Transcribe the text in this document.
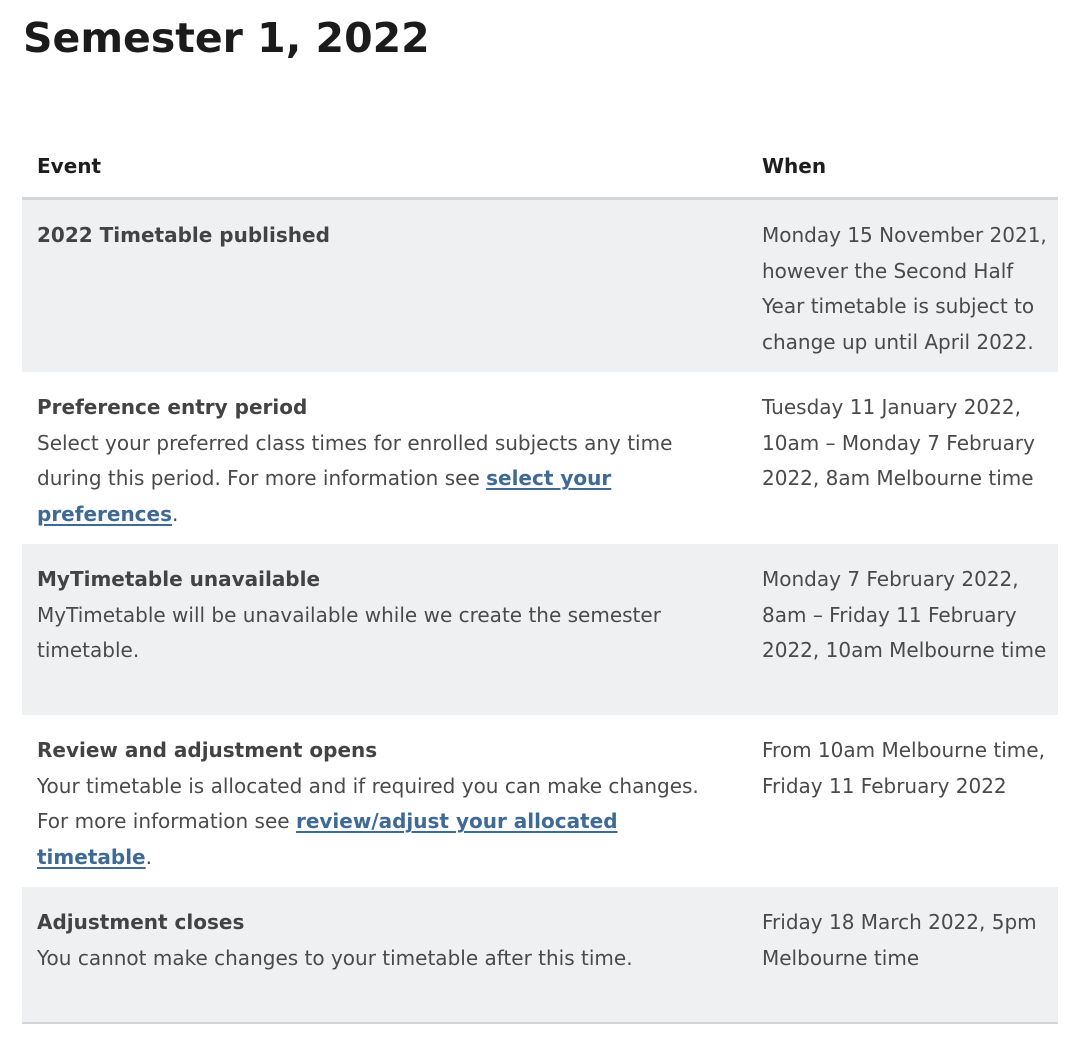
Semester 1, 2022
Event	When
2022 Timetable published	Monday 15 November 2021, however the Second Half Year timetable is subject to change up until April 2022.
Preference entry period
Select your preferred class times for enrolled subjects any time during this period. For more information see select your preferences.
Tuesday 11 January 2022, 10am – Monday 7 February 2022, 8am Melbourne time
MyTimetable unavailable
MyTimetable will be unavailable while we create the semester timetable.
Monday 7 February 2022, 8am – Friday 11 February 2022, 10am Melbourne time
Review and adjustment opens
Your timetable is allocated and if required you can make changes. For more information see review/adjust your allocated timetable.
From 10am Melbourne time, Friday 11 February 2022
Adjustment closes
You cannot make changes to your timetable after this time.
Friday 18 March 2022, 5pm Melbourne time
